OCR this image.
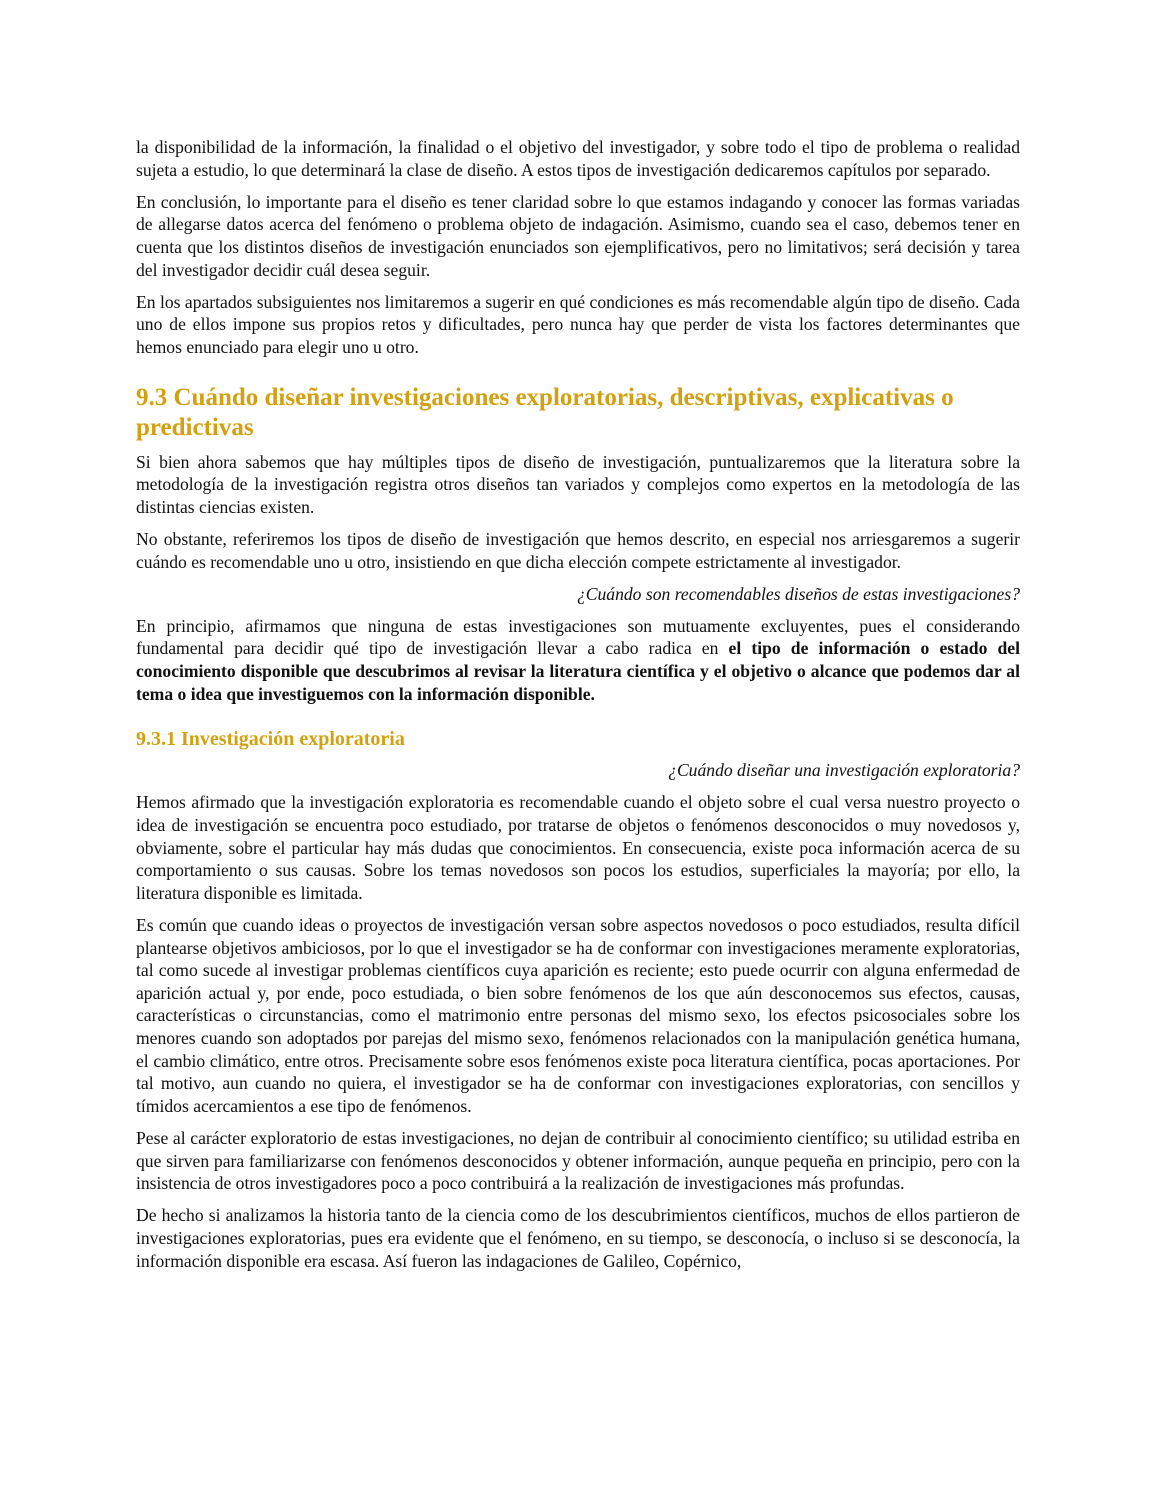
la disponibilidad de la información, la finalidad o el objetivo del investigador, y sobre todo el tipo de problema o realidad sujeta a estudio, lo que determinará la clase de diseño. A estos tipos de investigación dedicaremos capítulos por separado.

En conclusión, lo importante para el diseño es tener claridad sobre lo que estamos indagando y conocer las formas variadas de allegarse datos acerca del fenómeno o problema objeto de indagación. Asimismo, cuando sea el caso, debemos tener en cuenta que los distintos diseños de investigación enunciados son ejemplificativos, pero no limitativos; será decisión y tarea del investigador decidir cuál desea seguir.

En los apartados subsiguientes nos limitaremos a sugerir en qué condiciones es más recomendable algún tipo de diseño. Cada uno de ellos impone sus propios retos y dificultades, pero nunca hay que perder de vista los factores determinantes que hemos enunciado para elegir uno u otro.

9.3 Cuándo diseñar investigaciones exploratorias, descriptivas, explicativas o predictivas

Si bien ahora sabemos que hay múltiples tipos de diseño de investigación, puntualizaremos que la literatura sobre la metodología de la investigación registra otros diseños tan variados y complejos como expertos en la metodología de las distintas ciencias existen.

No obstante, referiremos los tipos de diseño de investigación que hemos descrito, en especial nos arriesgaremos a sugerir cuándo es recomendable uno u otro, insistiendo en que dicha elección compete estrictamente al investigador.

¿Cuándo son recomendables diseños de estas investigaciones?

En principio, afirmamos que ninguna de estas investigaciones son mutuamente excluyentes, pues el considerando fundamental para decidir qué tipo de investigación llevar a cabo radica en el tipo de información o estado del conocimiento disponible que descubrimos al revisar la literatura científica y el objetivo o alcance que podemos dar al tema o idea que investiguemos con la información disponible.

9.3.1 Investigación exploratoria

¿Cuándo diseñar una investigación exploratoria?

Hemos afirmado que la investigación exploratoria es recomendable cuando el objeto sobre el cual versa nuestro proyecto o idea de investigación se encuentra poco estudiado, por tratarse de objetos o fenómenos desconocidos o muy novedosos y, obviamente, sobre el particular hay más dudas que conocimientos. En consecuencia, existe poca información acerca de su comportamiento o sus causas. Sobre los temas novedosos son pocos los estudios, superficiales la mayoría; por ello, la literatura disponible es limitada.

Es común que cuando ideas o proyectos de investigación versan sobre aspectos novedosos o poco estudiados, resulta difícil plantearse objetivos ambiciosos, por lo que el investigador se ha de conformar con investigaciones meramente exploratorias, tal como sucede al investigar problemas científicos cuya aparición es reciente; esto puede ocurrir con alguna enfermedad de aparición actual y, por ende, poco estudiada, o bien sobre fenómenos de los que aún desconocemos sus efectos, causas, características o circunstancias, como el matrimonio entre personas del mismo sexo, los efectos psicosociales sobre los menores cuando son adoptados por parejas del mismo sexo, fenómenos relacionados con la manipulación genética humana, el cambio climático, entre otros. Precisamente sobre esos fenómenos existe poca literatura científica, pocas aportaciones. Por tal motivo, aun cuando no quiera, el investigador se ha de conformar con investigaciones exploratorias, con sencillos y tímidos acercamientos a ese tipo de fenómenos.

Pese al carácter exploratorio de estas investigaciones, no dejan de contribuir al conocimiento científico; su utilidad estriba en que sirven para familiarizarse con fenómenos desconocidos y obtener información, aunque pequeña en principio, pero con la insistencia de otros investigadores poco a poco contribuirá a la realización de investigaciones más profundas.

De hecho si analizamos la historia tanto de la ciencia como de los descubrimientos científicos, muchos de ellos partieron de investigaciones exploratorias, pues era evidente que el fenómeno, en su tiempo, se desconocía, o incluso si se desconocía, la información disponible era escasa. Así fueron las indagaciones de Galileo, Copérnico,
